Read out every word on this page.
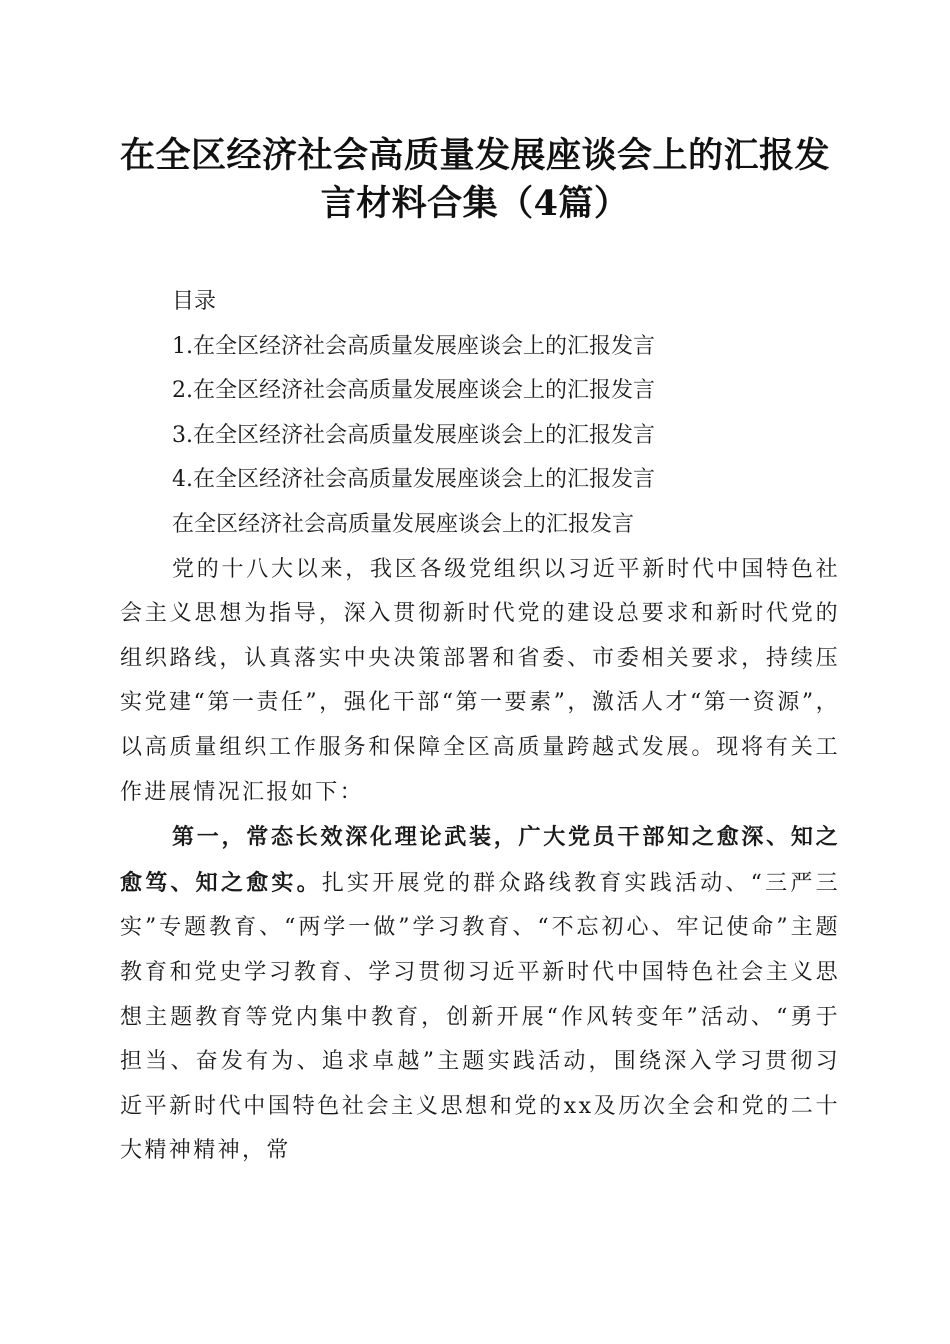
在全区经济社会高质量发展座谈会上的汇报发
言材料合集（4篇）
目录
1.在全区经济社会高质量发展座谈会上的汇报发言
2.在全区经济社会高质量发展座谈会上的汇报发言
3.在全区经济社会高质量发展座谈会上的汇报发言
4.在全区经济社会高质量发展座谈会上的汇报发言
在全区经济社会高质量发展座谈会上的汇报发言

党的十八大以来，我区各级党组织以习近平新时代中国特色社会主义思想为指导，深入贯彻新时代党的建设总要求和新时代党的组织路线，认真落实中央决策部署和省委、市委相关要求，持续压实党建“第一责任”，强化干部“第一要素”，激活人才“第一资源”，以高质量组织工作服务和保障全区高质量跨越式发展。现将有关工作进展情况汇报如下：

第一，常态长效深化理论武装，广大党员干部知之愈深、知之愈笃、知之愈实。扎实开展党的群众路线教育实践活动、“三严三实”专题教育、“两学一做”学习教育、“不忘初心、牢记使命”主题教育和党史学习教育、学习贯彻习近平新时代中国特色社会主义思想主题教育等党内集中教育，创新开展“作风转变年”活动、“勇于担当、奋发有为、追求卓越”主题实践活动，围绕深入学习贯彻习近平新时代中国特色社会主义思想和党的xx及历次全会和党的二十大精神精神，常
